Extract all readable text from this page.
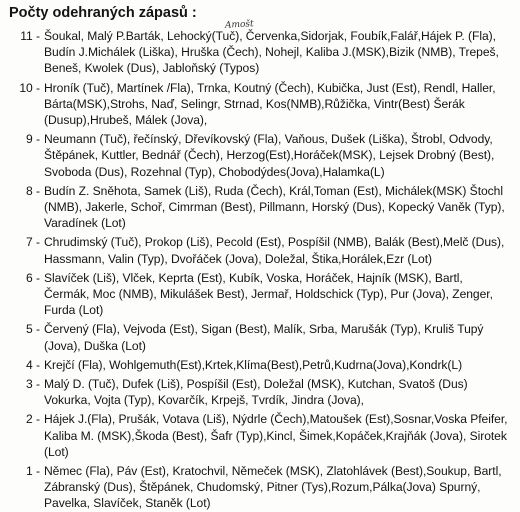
Počty odehraných zápasů :
Amošt
11 - Šoukal, Malý P.Barták, Lehocký(Tuč), Červenka,Sidorjak, Foubík,Falář,Hájek P. (Fla), Budín J.Michálek (Liška), Hruška (Čech), Nohejl, Kaliba J.(MSK),Bizik (NMB), Trepeš, Beneš, Kwolek (Dus), Jabloňský (Typos)
10 - Hroník (Tuč), Martínek /Fla), Trnka, Koutný (Čech), Kubička, Just (Est), Rendl, Haller, Bárta(MSK),Strohs, Naď, Selingr, Strnad, Kos(NMB),Růžička, Vintr(Best) Šerák (Dusup),Hrubeš, Málek (Jova),
9 - Neumann (Tuč), řečínský, Dřevíkovský (Fla), Vaňous, Dušek (Liška), Štrobl, Odvody, Štěpánek, Kuttler, Bednář (Čech), Herzog(Est),Horáček(MSK), Lejsek Drobný (Best), Svoboda (Dus), Rozehnal (Typ), Chobodýdes(Jova),Halamka(L)
8 - Budín Z. Sněhota, Samek (Liš), Ruda (Čech), Král,Toman (Est), Michálek(MSK) Štochl (NMB), Jakerle, Schoř, Cimrman (Best), Pillmann, Horský (Dus), Kopecký Vaněk (Typ), Varadínek (Lot)
7 - Chrudimský (Tuč), Prokop (Liš), Pecold (Est), Pospíšil (NMB), Balák (Best),Melč (Dus), Hassmann, Valin (Typ), Dvořáček (Jova), Doležal, Štika,Horálek,Ezr (Lot)
6 - Slavíček (Liš), Vlček, Keprta (Est), Kubík, Voska, Horáček, Hajník (MSK), Bartl, Čermák, Moc (NMB), Mikulášek Best), Jermař, Holdschick (Typ), Pur (Jova), Zenger, Furda (Lot)
5 - Červený (Fla), Vejvoda (Est), Sigan (Best), Malík, Srba, Marušák (Typ), Kruliš Tupý (Jova), Duška (Lot)
4 - Krejčí (Fla), Wohlgemuth(Est),Krtek,Klíma(Best),Petrů,Kudrna(Jova),Kondrk(L)
3 - Malý D. (Tuč), Dufek (Liš), Pospíšil (Est), Doležal (MSK), Kutchan, Svatoš (Dus) Vokurka, Vojta (Typ), Kovarčík, Krpejš, Tvrdík, Jindra (Jova),
2 - Hájek J.(Fla), Prušák, Votava (Liš), Nýdrle (Čech),Matoušek (Est),Sosnar,Voska Pfeifer, Kaliba M. (MSK),Škoda (Best), Šafr (Typ),Kincl, Šimek,Kopáček,Krajňák (Jova), Sirotek (Lot)
1 - Němec (Fla), Páv (Est), Kratochvil, Němeček (MSK), Zlatohlávek (Best),Soukup, Bartl, Zábranský (Dus), Štěpánek, Chudomský, Pitner (Tys),Rozum,Pálka(Jova) Spurný, Pavelka, Slavíček, Staněk (Lot)
